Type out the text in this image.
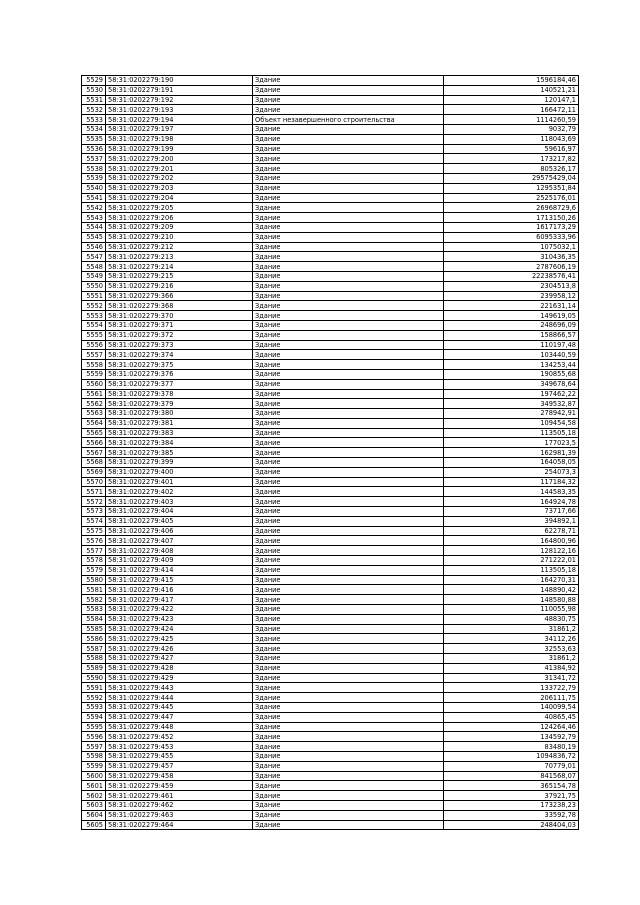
5529	58:31:0202279:190	Здание	1596184,46
5530	58:31:0202279:191	Здание	140521,21
5531	58:31:0202279:192	Здание	120147,1
5532	58:31:0202279:193	Здание	166472,11
5533	58:31:0202279:194	Объект незавершенного строительства	1114260,59
5534	58:31:0202279:197	Здание	9032,79
5535	58:31:0202279:198	Здание	118043,69
5536	58:31:0202279:199	Здание	59616,97
5537	58:31:0202279:200	Здание	173217,82
5538	58:31:0202279:201	Здание	805326,17
5539	58:31:0202279:202	Здание	29575429,04
5540	58:31:0202279:203	Здание	1295351,84
5541	58:31:0202279:204	Здание	2525176,01
5542	58:31:0202279:205	Здание	26968729,6
5543	58:31:0202279:206	Здание	1713150,26
5544	58:31:0202279:209	Здание	1617173,29
5545	58:31:0202279:210	Здание	6095333,96
5546	58:31:0202279:212	Здание	1075032,1
5547	58:31:0202279:213	Здание	310436,35
5548	58:31:0202279:214	Здание	2787606,19
5549	58:31:0202279:215	Здание	22238576,41
5550	58:31:0202279:216	Здание	2304513,8
5551	58:31:0202279:366	Здание	239958,12
5552	58:31:0202279:368	Здание	221631,14
5553	58:31:0202279:370	Здание	149619,05
5554	58:31:0202279:371	Здание	248696,09
5555	58:31:0202279:372	Здание	158866,57
5556	58:31:0202279:373	Здание	110197,48
5557	58:31:0202279:374	Здание	103440,59
5558	58:31:0202279:375	Здание	134253,44
5559	58:31:0202279:376	Здание	190855,68
5560	58:31:0202279:377	Здание	349678,64
5561	58:31:0202279:378	Здание	197462,22
5562	58:31:0202279:379	Здание	349532,87
5563	58:31:0202279:380	Здание	278942,91
5564	58:31:0202279:381	Здание	109454,58
5565	58:31:0202279:383	Здание	113505,18
5566	58:31:0202279:384	Здание	177023,5
5567	58:31:0202279:385	Здание	162981,39
5568	58:31:0202279:399	Здание	164058,05
5569	58:31:0202279:400	Здание	254073,3
5570	58:31:0202279:401	Здание	117184,32
5571	58:31:0202279:402	Здание	144583,35
5572	58:31:0202279:403	Здание	164924,78
5573	58:31:0202279:404	Здание	73717,66
5574	58:31:0202279:405	Здание	394892,1
5575	58:31:0202279:406	Здание	62278,71
5576	58:31:0202279:407	Здание	164800,96
5577	58:31:0202279:408	Здание	128122,16
5578	58:31:0202279:409	Здание	271222,01
5579	58:31:0202279:414	Здание	113505,18
5580	58:31:0202279:415	Здание	164270,31
5581	58:31:0202279:416	Здание	148890,42
5582	58:31:0202279:417	Здание	148580,88
5583	58:31:0202279:422	Здание	110055,98
5584	58:31:0202279:423	Здание	48830,75
5585	58:31:0202279:424	Здание	31861,2
5586	58:31:0202279:425	Здание	34112,26
5587	58:31:0202279:426	Здание	32553,63
5588	58:31:0202279:427	Здание	31861,2
5589	58:31:0202279:428	Здание	41384,92
5590	58:31:0202279:429	Здание	31341,72
5591	58:31:0202279:443	Здание	133722,79
5592	58:31:0202279:444	Здание	206111,75
5593	58:31:0202279:445	Здание	140099,54
5594	58:31:0202279:447	Здание	40865,45
5595	58:31:0202279:448	Здание	124264,46
5596	58:31:0202279:452	Здание	134592,79
5597	58:31:0202279:453	Здание	83480,19
5598	58:31:0202279:455	Здание	1094836,72
5599	58:31:0202279:457	Здание	70779,01
5600	58:31:0202279:458	Здание	841568,07
5601	58:31:0202279:459	Здание	365154,78
5602	58:31:0202279:461	Здание	37921,75
5603	58:31:0202279:462	Здание	173238,23
5604	58:31:0202279:463	Здание	33592,78
5605	58:31:0202279:464	Здание	248404,03
